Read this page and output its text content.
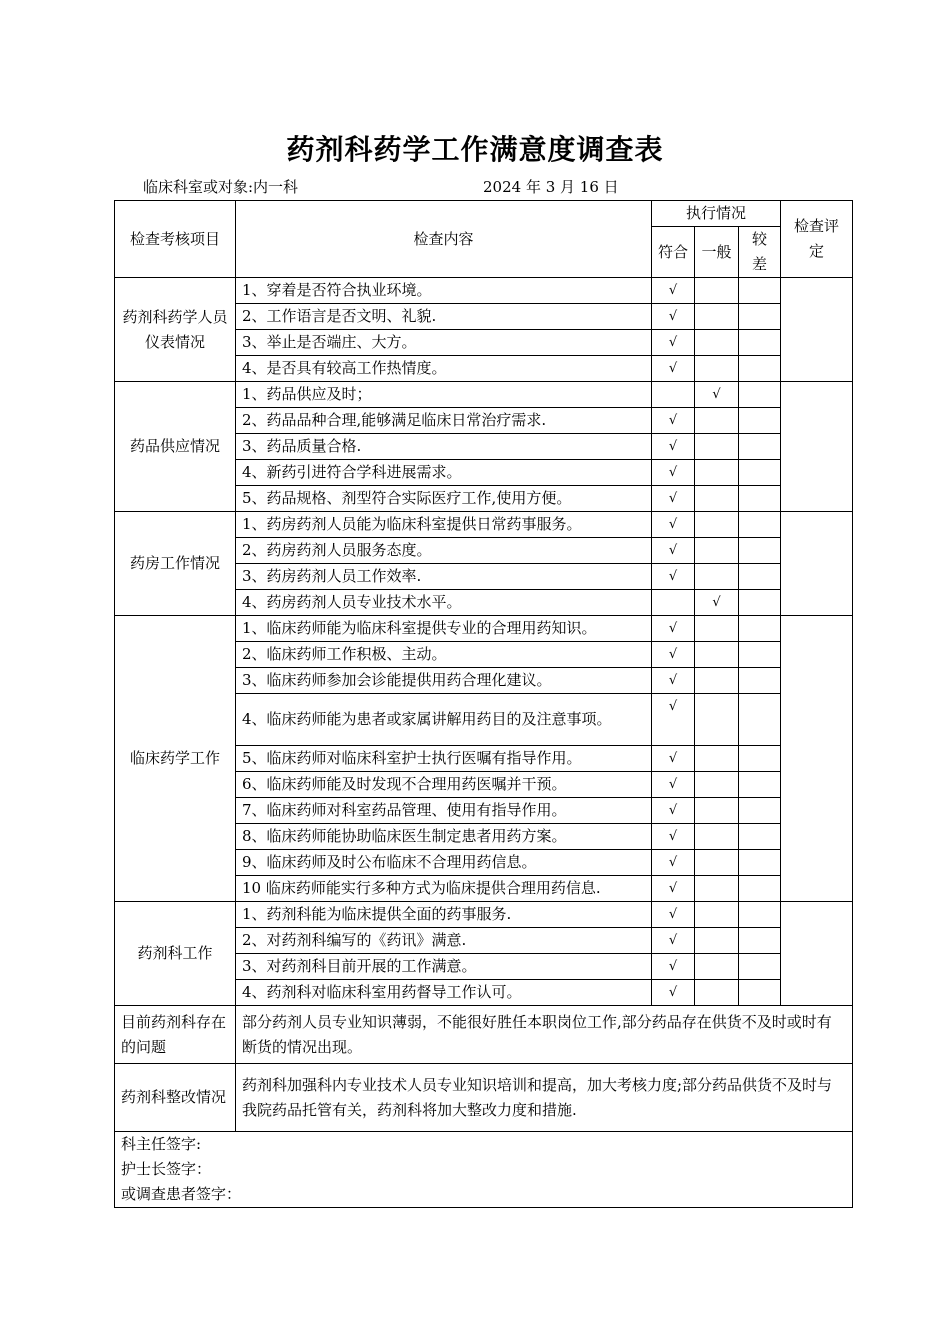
药剂科药学工作满意度调查表
临床科室或对象:内一科	2024 年 3 月 16 日
检查考核项目	检查内容	执行情况			检查评定
		符合	一般	较差	
药剂科药学人员仪表情况	1、穿着是否符合执业环境。	√			
	2、工作语言是否文明、礼貌.	√			
	3、举止是否端庄、大方。	√			
	4、是否具有较高工作热情度。	√			
药品供应情况	1、药品供应及时；		√		
	2、药品品种合理,能够满足临床日常治疗需求.	√			
	3、药品质量合格.	√			
	4、新药引进符合学科进展需求。	√			
	5、药品规格、剂型符合实际医疗工作,使用方便。	√			
药房工作情况	1、药房药剂人员能为临床科室提供日常药事服务。	√			
	2、药房药剂人员服务态度。	√			
	3、药房药剂人员工作效率.	√			
	4、药房药剂人员专业技术水平。		√		
临床药学工作	1、临床药师能为临床科室提供专业的合理用药知识。	√			
	2、临床药师工作积极、主动。	√			
	3、临床药师参加会诊能提供用药合理化建议。	√			
	4、临床药师能为患者或家属讲解用药目的及注意事项。	√			
	5、临床药师对临床科室护士执行医嘱有指导作用。	√			
	6、临床药师能及时发现不合理用药医嘱并干预。	√			
	7、临床药师对科室药品管理、使用有指导作用。	√			
	8、临床药师能协助临床医生制定患者用药方案。	√			
	9、临床药师及时公布临床不合理用药信息。	√			
	10 临床药师能实行多种方式为临床提供合理用药信息.	√			
药剂科工作	1、药剂科能为临床提供全面的药事服务.	√			
	2、对药剂科编写的《药讯》满意.	√			
	3、对药剂科目前开展的工作满意。	√			
	4、药剂科对临床科室用药督导工作认可。	√			
目前药剂科存在的问题	部分药剂人员专业知识薄弱，不能很好胜任本职岗位工作,部分药品存在供货不及时或时有断货的情况出现。				
药剂科整改情况	药剂科加强科内专业技术人员专业知识培训和提高，加大考核力度;部分药品供货不及时与我院药品托管有关，药剂科将加大整改力度和措施.				

科主任签字:
护士长签字：
或调查患者签字：					
